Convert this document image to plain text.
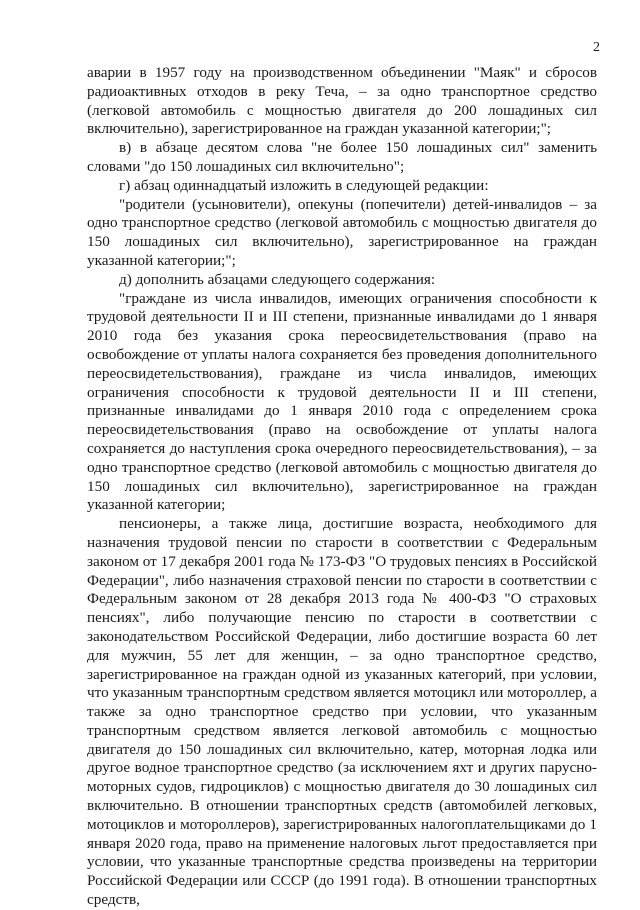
2

аварии в 1957 году на производственном объединении "Маяк" и сбросов радиоактивных отходов в реку Теча, – за одно транспортное средство (легковой автомобиль с мощностью двигателя до 200 лошадиных сил включительно), зарегистрированное на граждан указанной категории;";

в) в абзаце десятом слова "не более 150 лошадиных сил" заменить словами "до 150 лошадиных сил включительно";

г) абзац одиннадцатый изложить в следующей редакции:

"родители (усыновители), опекуны (попечители) детей-инвалидов – за одно транспортное средство (легковой автомобиль с мощностью двигателя до 150 лошадиных сил включительно), зарегистрированное на граждан указанной категории;";

д) дополнить абзацами следующего содержания:

"граждане из числа инвалидов, имеющих ограничения способности к трудовой деятельности II и III степени, признанные инвалидами до 1 января 2010 года без указания срока переосвидетельствования (право на освобождение от уплаты налога сохраняется без проведения дополнительного переосвидетельствования), граждане из числа инвалидов, имеющих ограничения способности к трудовой деятельности II и III степени, признанные инвалидами до 1 января 2010 года с определением срока переосвидетельствования (право на освобождение от уплаты налога сохраняется до наступления срока очередного переосвидетельствования), – за одно транспортное средство (легковой автомобиль с мощностью двигателя до 150 лошадиных сил включительно), зарегистрированное на граждан указанной категории;

пенсионеры, а также лица, достигшие возраста, необходимого для назначения трудовой пенсии по старости в соответствии с Федеральным законом от 17 декабря 2001 года № 173-ФЗ "О трудовых пенсиях в Российской Федерации", либо назначения страховой пенсии по старости в соответствии с Федеральным законом от 28 декабря 2013 года № 400-ФЗ "О страховых пенсиях", либо получающие пенсию по старости в соответствии с законодательством Российской Федерации, либо достигшие возраста 60 лет для мужчин, 55 лет для женщин, – за одно транспортное средство, зарегистрированное на граждан одной из указанных категорий, при условии, что указанным транспортным средством является мотоцикл или мотороллер, а также за одно транспортное средство при условии, что указанным транспортным средством является легковой автомобиль с мощностью двигателя до 150 лошадиных сил включительно, катер, моторная лодка или другое водное транспортное средство (за исключением яхт и других парусно-моторных судов, гидроциклов) с мощностью двигателя до 30 лошадиных сил включительно. В отношении транспортных средств (автомобилей легковых, мотоциклов и мотороллеров), зарегистрированных налогоплательщиками до 1 января 2020 года, право на применение налоговых льгот предоставляется при условии, что указанные транспортные средства произведены на территории Российской Федерации или СССР (до 1991 года). В отношении транспортных средств,
